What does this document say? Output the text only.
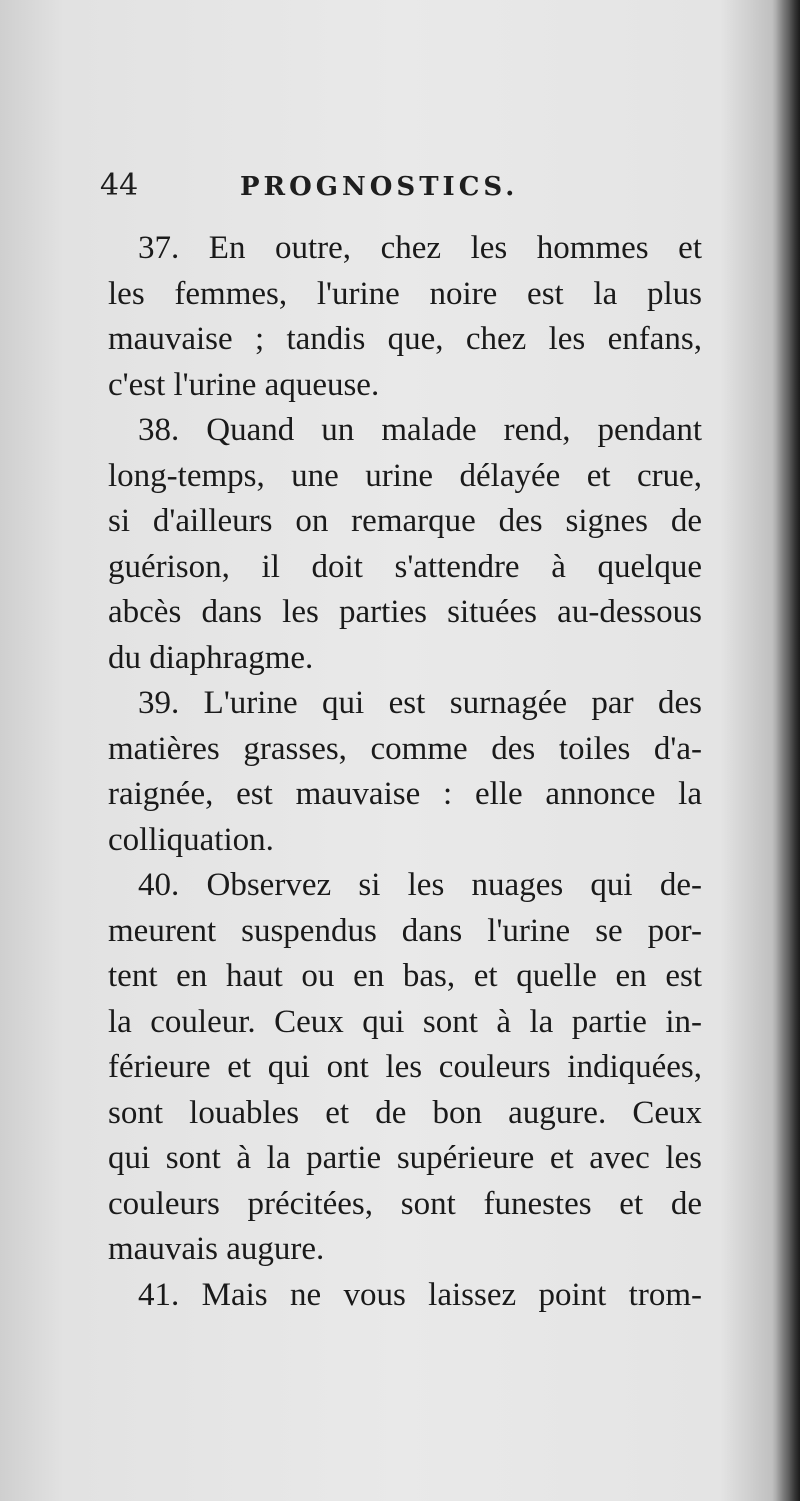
44	PROGNOSTICS.

37. En outre, chez les hommes et
les femmes, l'urine noire est la plus
mauvaise ; tandis que, chez les enfans,
c'est l'urine aqueuse.

38. Quand un malade rend, pendant
long-temps, une urine délayée et crue,
si d'ailleurs on remarque des signes de
guérison, il doit s'attendre à quelque
abcès dans les parties situées au-dessous
du diaphragme.

39. L'urine qui est surnagée par des
matières grasses, comme des toiles d'a-
raignée, est mauvaise : elle annonce la
colliquation.

40. Observez si les nuages qui de-
meurent suspendus dans l'urine se por-
tent en haut ou en bas, et quelle en est
la couleur. Ceux qui sont à la partie in-
férieure et qui ont les couleurs indiquées,
sont louables et de bon augure. Ceux
qui sont à la partie supérieure et avec les
couleurs précitées, sont funestes et de
mauvais augure.

41. Mais ne vous laissez point trom-
